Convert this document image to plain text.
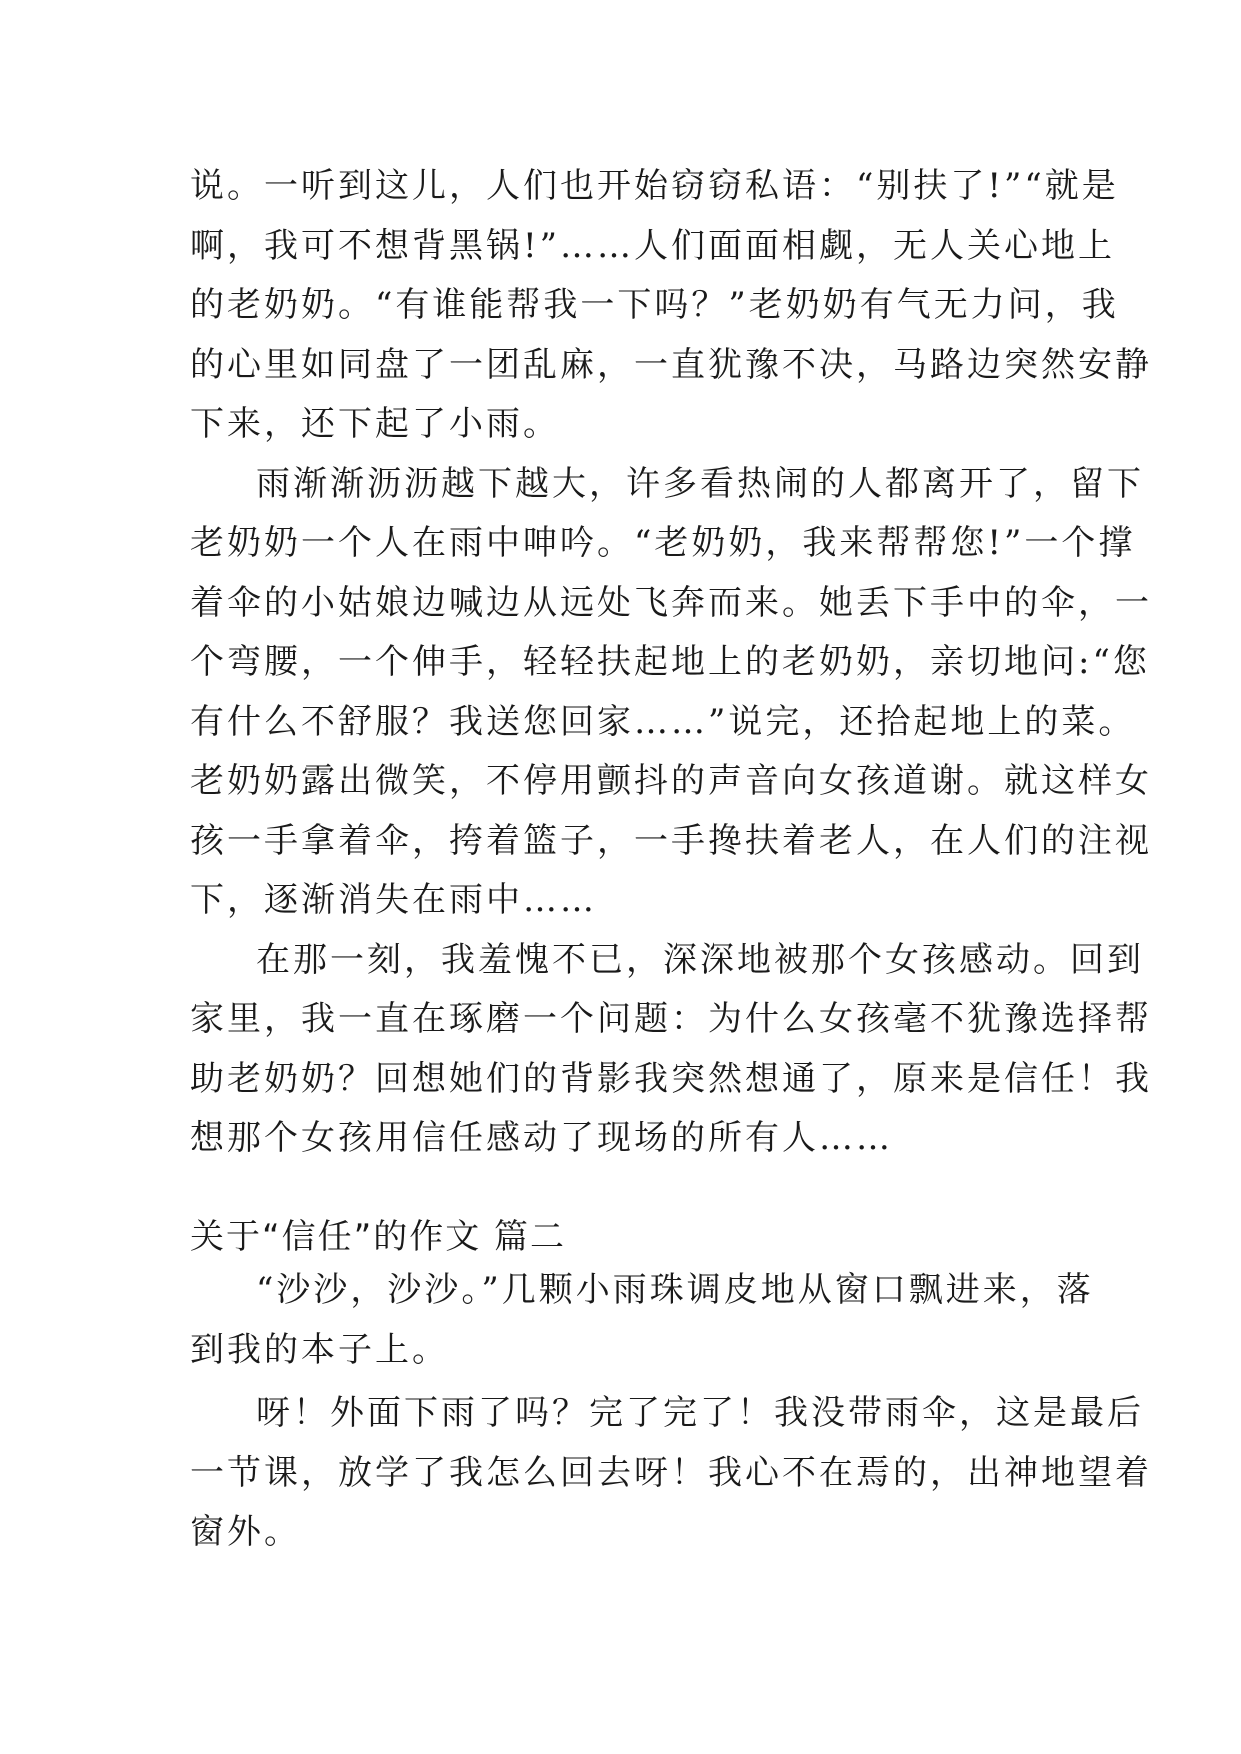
说。一听到这儿，人们也开始窃窃私语：“别扶了!”“就是

啊，我可不想背黑锅!”……人们面面相觑，无人关心地上

的老奶奶。“有谁能帮我一下吗？”老奶奶有气无力问，我

的心里如同盘了一团乱麻，一直犹豫不决，马路边突然安静

下来，还下起了小雨。

雨渐渐沥沥越下越大，许多看热闹的人都离开了，留下

老奶奶一个人在雨中呻吟。“老奶奶，我来帮帮您!”一个撑

着伞的小姑娘边喊边从远处飞奔而来。她丢下手中的伞，一

个弯腰，一个伸手，轻轻扶起地上的老奶奶，亲切地问:“您

有什么不舒服？我送您回家……”说完，还拾起地上的菜。

老奶奶露出微笑，不停用颤抖的声音向女孩道谢。就这样女

孩一手拿着伞，挎着篮子，一手搀扶着老人，在人们的注视

下，逐渐消失在雨中……

在那一刻，我羞愧不已，深深地被那个女孩感动。回到

家里，我一直在琢磨一个问题：为什么女孩毫不犹豫选择帮

助老奶奶？回想她们的背影我突然想通了，原来是信任！我

想那个女孩用信任感动了现场的所有人……

关于“信任”的作文 篇二

“沙沙，沙沙。”几颗小雨珠调皮地从窗口飘进来，落

到我的本子上。

呀！外面下雨了吗？完了完了！我没带雨伞，这是最后

一节课，放学了我怎么回去呀！我心不在焉的，出神地望着

窗外。
